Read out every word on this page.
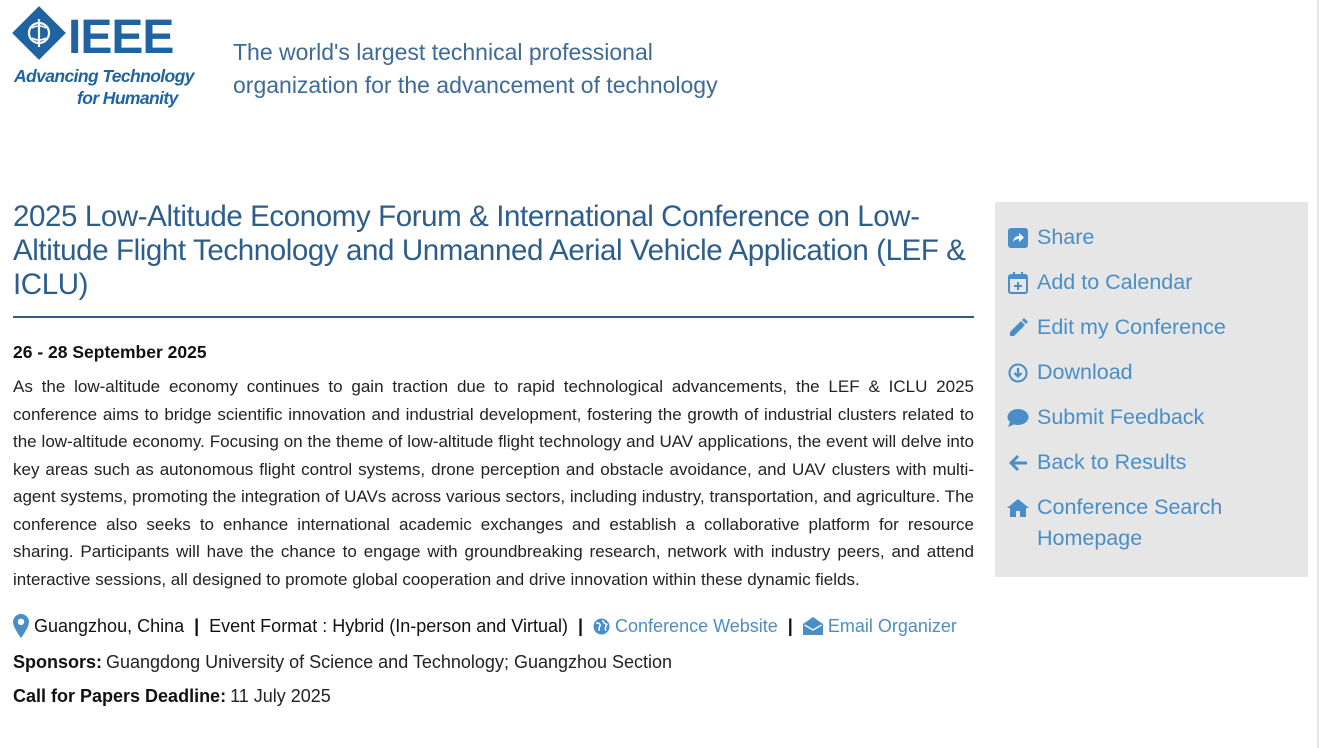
IEEE
Advancing Technology
for Humanity
The world's largest technical professional
organization for the advancement of technology
2025 Low-Altitude Economy Forum & International Conference on Low-Altitude Flight Technology and Unmanned Aerial Vehicle Application (LEF & ICLU)
26 - 28 September 2025

As the low-altitude economy continues to gain traction due to rapid technological advancements, the LEF & ICLU 2025 conference aims to bridge scientific innovation and industrial development, fostering the growth of industrial clusters related to the low-altitude economy. Focusing on the theme of low-altitude flight technology and UAV applications, the event will delve into key areas such as autonomous flight control systems, drone perception and obstacle avoidance, and UAV clusters with multi-agent systems, promoting the integration of UAVs across various sectors, including industry, transportation, and agriculture. The conference also seeks to enhance international academic exchanges and establish a collaborative platform for resource sharing. Participants will have the chance to engage with groundbreaking research, network with industry peers, and attend interactive sessions, all designed to promote global cooperation and drive innovation within these dynamic fields.

Guangzhou, China | Event Format : Hybrid (In-person and Virtual) | Conference Website | Email Organizer
Sponsors: Guangdong University of Science and Technology; Guangzhou Section
Call for Papers Deadline: 11 July 2025
Share
Add to Calendar
Edit my Conference
Download
Submit Feedback
Back to Results
Conference Search Homepage
